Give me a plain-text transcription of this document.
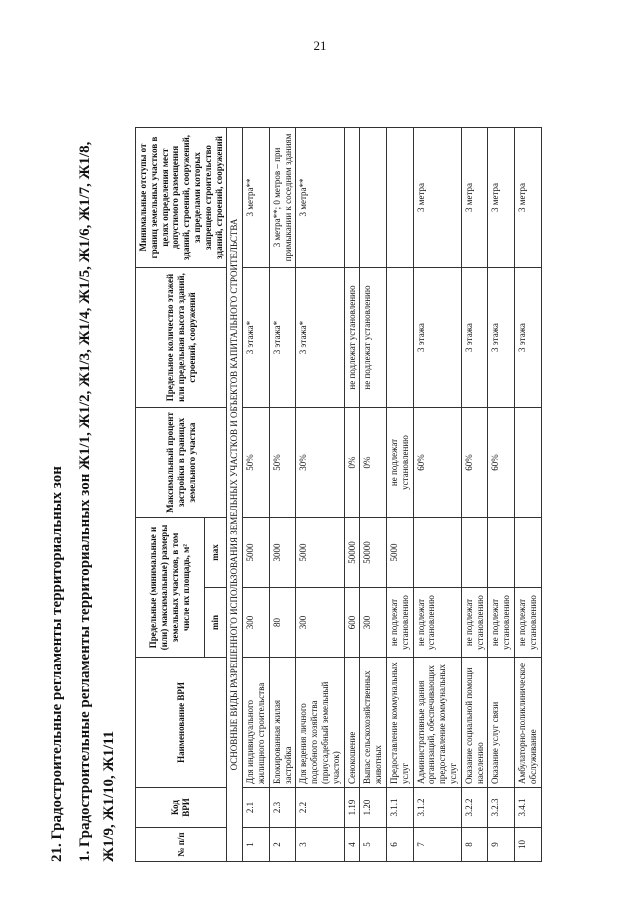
21
21. Градостроительные регламенты территориальных зон 1. Градостроительные регламенты территориальных зон Ж1/1, Ж1/2, Ж1/3, Ж1/4, Ж1/5, Ж1/6, Ж1/7, Ж1/8, Ж1/9, Ж1/10, Ж1/11	№ п/п	Код ВРИ	Наименование ВРИ	Предельные (минимальные и (или) максимальные) размеры земельных участков, в том числе их площадь, м²		Максимальный процент застройки в границах земельного участка	Предельное количество этажей или предельная высота зданий, строений, сооружений	Минимальные отступы от границ земельных участков в целях определения мест допустимого размещения зданий, строений, сооружений, за пределами которых запрещено строительство зданий, строений, сооружений
			min	max			
ОСНОВНЫЕ ВИДЫ РАЗРЕШЕННОГО ИСПОЛЬЗОВАНИЯ ЗЕМЕЛЬНЫХ УЧАСТКОВ И ОБЪЕКТОВ КАПИТАЛЬНОГО СТРОИТЕЛЬСТВА							
1	2.1	Для индивидуального жилищного строительства	300	5000	50%	3 этажа*	3 метра**
2	2.3	Блокированная жилая застройка	80	3000	50%	3 этажа*	3 метра**; 0 метров – при примыкании к соседним зданиям
3	2.2	Для ведения личного подсобного хозяйства (приусадебный земельный участок)	300	5000	30%	3 этажа*	3 метра**
4	1.19	Сенокошение	600	50000	0%	не подлежат установлению	
5	1.20	Выпас сельскохозяйственных животных	300	50000	0%	не подлежат установлению	
6	3.1.1	Предоставление коммунальных услуг	не подлежат установлению	5000	не подлежат установлению		
7	3.1.2	Административные здания организаций, обеспечивающих предоставление коммунальных услуг	не подлежат установлению		60%	3 этажа	3 метра
8	3.2.2	Оказание социальной помощи населению	не подлежат установлению		60%	3 этажа	3 метра
9	3.2.3	Оказание услуг связи	не подлежат установлению		60%	3 этажа	3 метра
10	3.4.1	Амбулаторно-поликлиническое обслуживание	не подлежат установлению			3 этажа	3 метра
